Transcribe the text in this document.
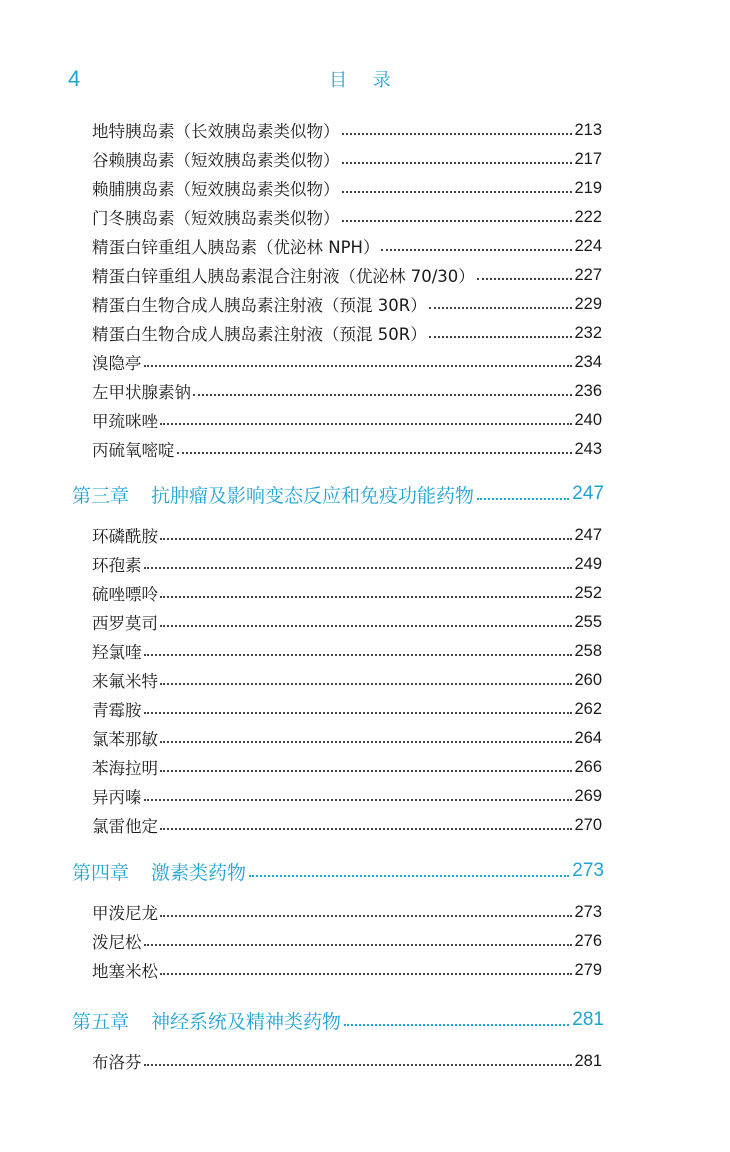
4	目 录
地特胰岛素（长效胰岛素类似物）	213
谷赖胰岛素（短效胰岛素类似物）	217
赖脯胰岛素（短效胰岛素类似物）	219
门冬胰岛素（短效胰岛素类似物）	222
精蛋白锌重组人胰岛素（优泌林 NPH）	224
精蛋白锌重组人胰岛素混合注射液（优泌林 70/30）	227
精蛋白生物合成人胰岛素注射液（预混 30R）	229
精蛋白生物合成人胰岛素注射液（预混 50R）	232
溴隐亭	234
左甲状腺素钠	236
甲巯咪唑	240
丙硫氧嘧啶	243
第三章 抗肿瘤及影响变态反应和免疫功能药物	247
环磷酰胺	247
环孢素	249
硫唑嘌呤	252
西罗莫司	255
羟氯喹	258
来氟米特	260
青霉胺	262
氯苯那敏	264
苯海拉明	266
异丙嗪	269
氯雷他定	270
第四章 激素类药物	273
甲泼尼龙	273
泼尼松	276
地塞米松	279
第五章 神经系统及精神类药物	281
布洛芬	281
